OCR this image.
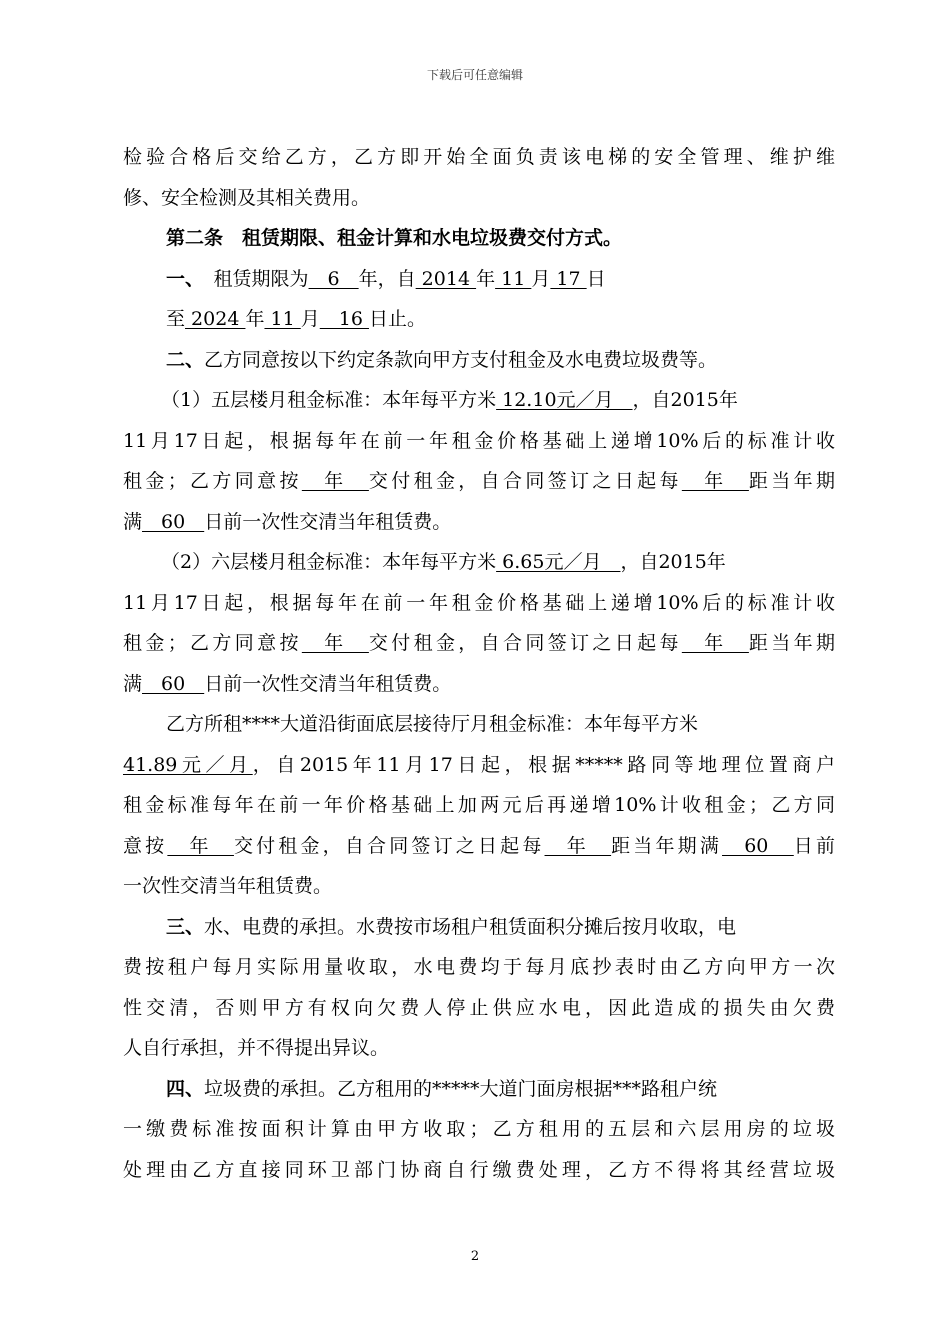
下载后可任意编辑
检验合格后交给乙方，乙方即开始全面负责该电梯的安全管理、维护维
修、安全检测及其相关费用。
第二条　租赁期限、租金计算和水电垃圾费交付方式。
一、　租赁期限为　6　年，自 2014 年 11 月 17 日
至 2024 年 11 月　16 日止。
二、乙方同意按以下约定条款向甲方支付租金及水电费垃圾费等。
（1）五层楼月租金标准：本年每平方米 12.10元／月　，自2015年
11月17日起，根据每年在前一年租金价格基础上递增10%后的标准计收
租金；乙方同意按　年　交付租金，自合同签订之日起每　年　距当年期
满　60　日前一次性交清当年租赁费。
（2）六层楼月租金标准：本年每平方米 6.65元／月　，自2015年
11月17日起，根据每年在前一年租金价格基础上递增10%后的标准计收
租金；乙方同意按　年　交付租金，自合同签订之日起每　年　距当年期
满　60　日前一次性交清当年租赁费。
乙方所租****大道沿街面底层接待厅月租金标准：本年每平方米
41.89元／月，自2015年11月17日起，根据*****路同等地理位置商户
租金标准每年在前一年价格基础上加两元后再递增10%计收租金；乙方同
意按　年　交付租金，自合同签订之日起每　年　距当年期满　60　日前
一次性交清当年租赁费。
三、水、电费的承担。水费按市场租户租赁面积分摊后按月收取，电
费按租户每月实际用量收取，水电费均于每月底抄表时由乙方向甲方一次
性交清，否则甲方有权向欠费人停止供应水电，因此造成的损失由欠费
人自行承担，并不得提出异议。
四、垃圾费的承担。乙方租用的*****大道门面房根据***路租户统
一缴费标准按面积计算由甲方收取；乙方租用的五层和六层用房的垃圾
处理由乙方直接同环卫部门协商自行缴费处理，乙方不得将其经营垃圾
2
